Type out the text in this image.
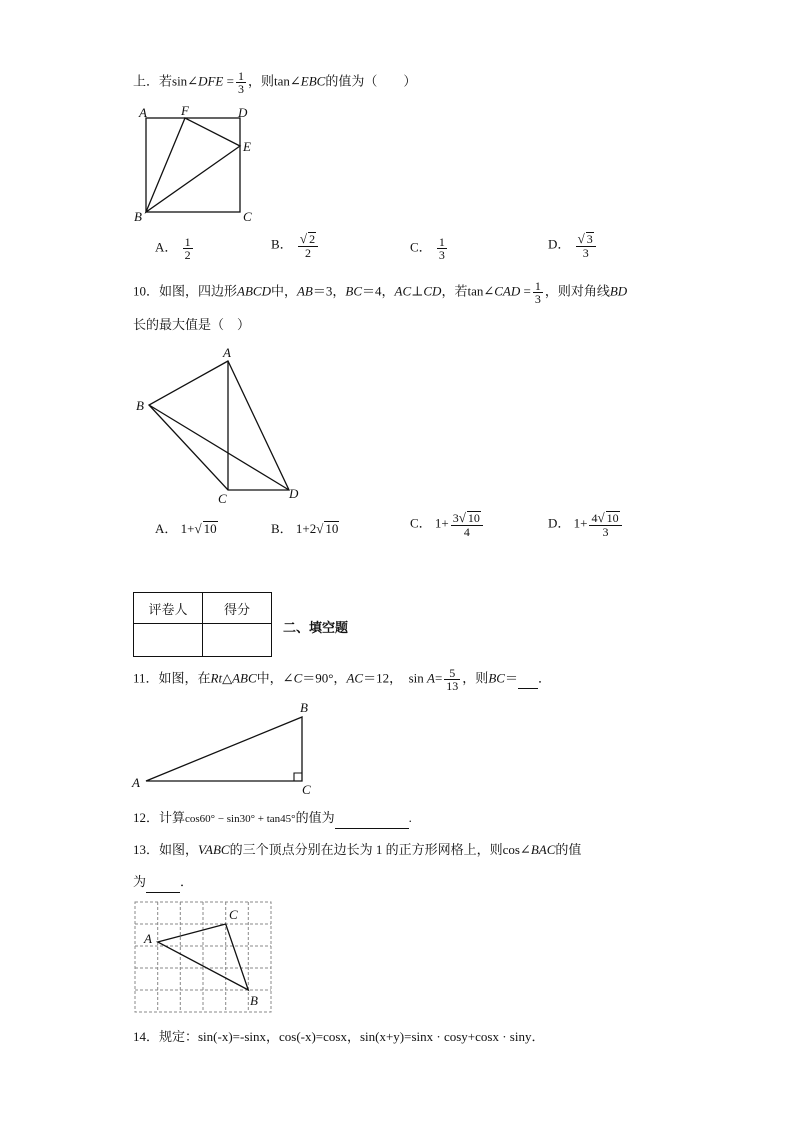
上．若sin∠DFE = $\frac{1}{3}$ ，则tan∠EBC的值为（　　）
A	F	D
E
B	C
A． $\frac{1}{2}$	B． $\frac{√ 2}{2}$	C． $\frac{1}{3}$	D． $\frac{√ 3}{3}$
10．如图，四边形ABCD中，AB＝3，BC＝4，AC⊥CD，若tan∠CAD = $\frac{1}{3}$ ，则对角线BD
长的最大值是（　）
A
B
C	D
A． 1+√ 10	B． 1+2√ 10	C． $1+ \frac{3√ 10}{4}$	D． $1+ \frac{4√ 10}{3}$
评卷人	得分

二、填空题
11．如图，在Rt△ABC中，∠C＝90°，AC＝12，　$\sin A= \frac{5}{13}$ ，则BC＝ ．
A
B
C
12．计算cos60° − sin30° + tan45°的值为	.
13．如图，VABC的三个顶点分别在边长为 1 的正方形网格上，则cos∠BAC的值
为	．
A
C
B
14．规定：sin(-x)=-sinx，cos(-x)=cosx，sin(x+y)=sinx · cosy+cosx · siny．
